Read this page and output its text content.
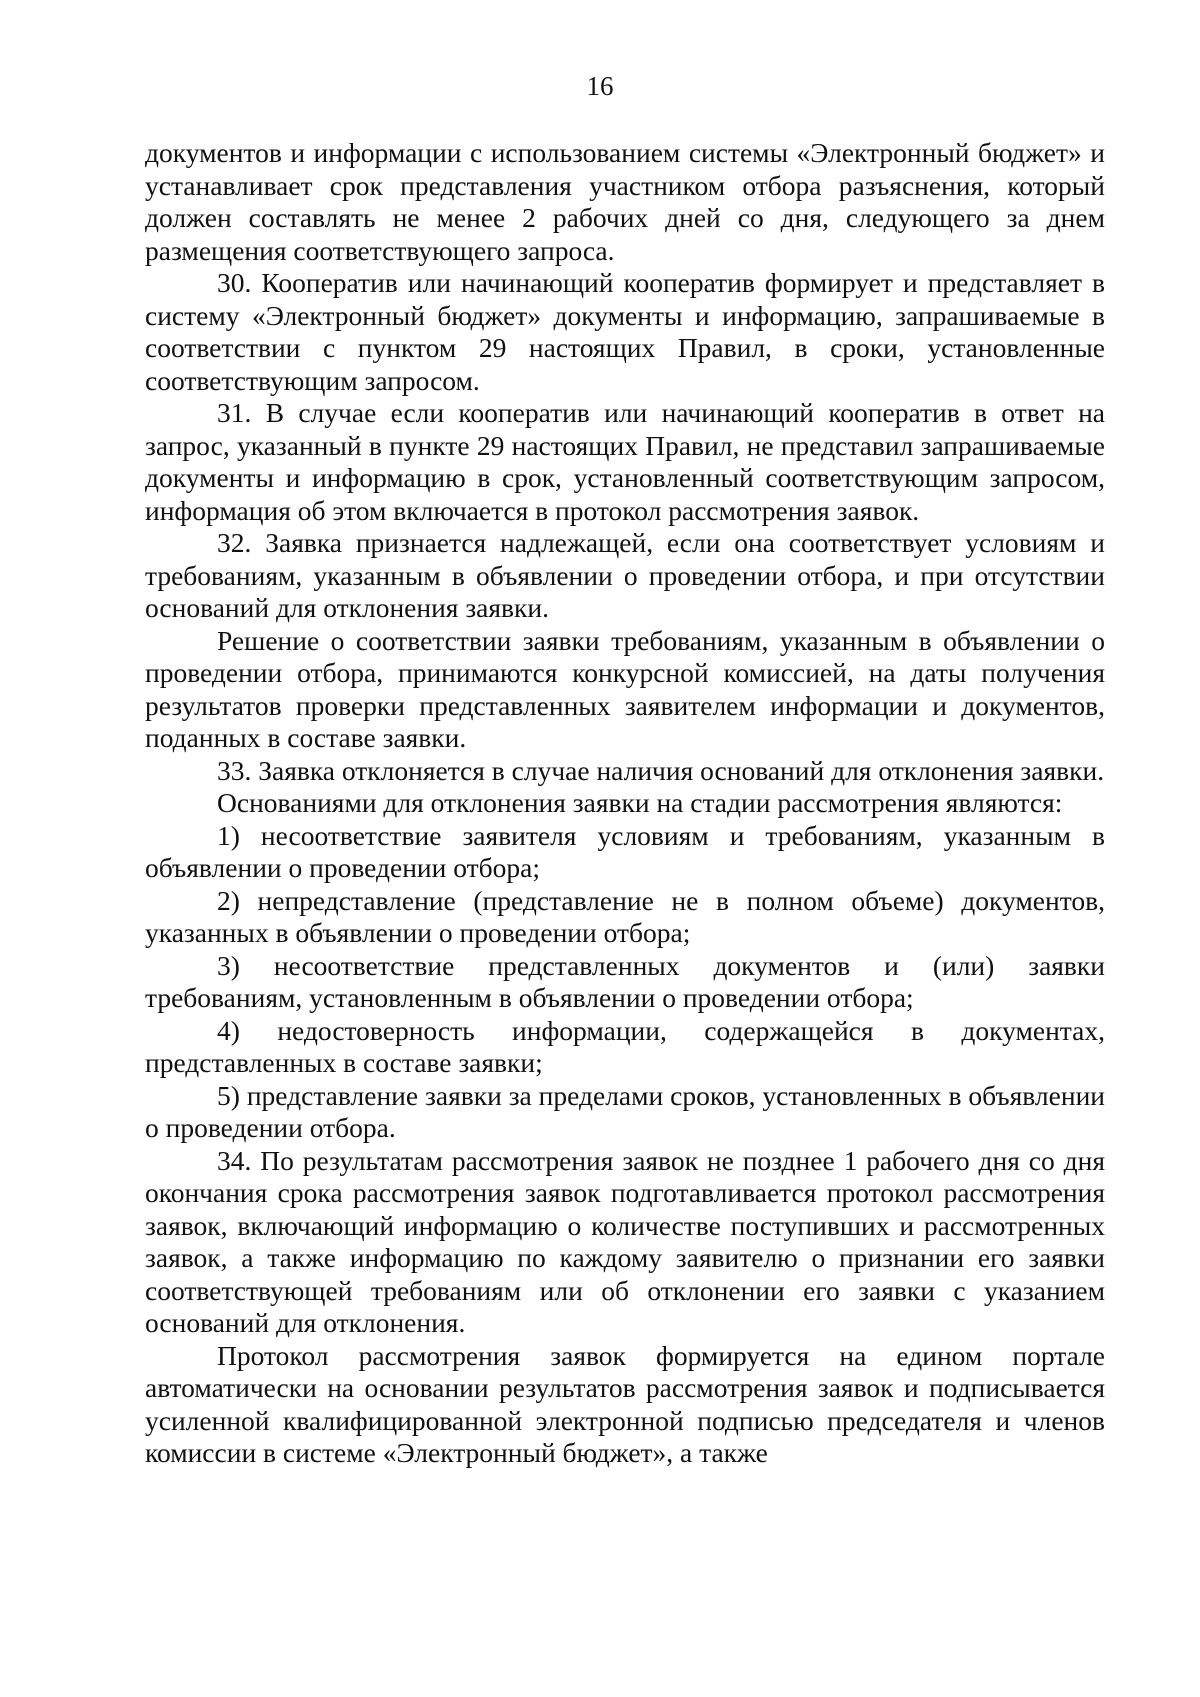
16

документов и информации с использованием системы «Электронный бюджет» и устанавливает срок представления участником отбора разъяснения, который должен составлять не менее 2 рабочих дней со дня, следующего за днем размещения соответствующего запроса.

30. Кооператив или начинающий кооператив формирует и представляет в систему «Электронный бюджет» документы и информацию, запрашиваемые в соответствии с пунктом 29 настоящих Правил, в сроки, установленные соответствующим запросом.

31. В случае если кооператив или начинающий кооператив в ответ на запрос, указанный в пункте 29 настоящих Правил, не представил запрашиваемые документы и информацию в срок, установленный соответствующим запросом, информация об этом включается в протокол рассмотрения заявок.

32. Заявка признается надлежащей, если она соответствует условиям и требованиям, указанным в объявлении о проведении отбора, и при отсутствии оснований для отклонения заявки.

Решение о соответствии заявки требованиям, указанным в объявлении о проведении отбора, принимаются конкурсной комиссией, на даты получения результатов проверки представленных заявителем информации и документов, поданных в составе заявки.

33. Заявка отклоняется в случае наличия оснований для отклонения заявки.

Основаниями для отклонения заявки на стадии рассмотрения являются:

1) несоответствие заявителя условиям и требованиям, указанным в объявлении о проведении отбора;

2) непредставление (представление не в полном объеме) документов, указанных в объявлении о проведении отбора;

3) несоответствие представленных документов и (или) заявки требованиям, установленным в объявлении о проведении отбора;

4) недостоверность информации, содержащейся в документах, представленных в составе заявки;

5) представление заявки за пределами сроков, установленных в объявлении о проведении отбора.

34. По результатам рассмотрения заявок не позднее 1 рабочего дня со дня окончания срока рассмотрения заявок подготавливается протокол рассмотрения заявок, включающий информацию о количестве поступивших и рассмотренных заявок, а также информацию по каждому заявителю о признании его заявки соответствующей требованиям или об отклонении его заявки с указанием оснований для отклонения.

Протокол рассмотрения заявок формируется на едином портале автоматически на основании результатов рассмотрения заявок и подписывается усиленной квалифицированной электронной подписью председателя и членов комиссии в системе «Электронный бюджет», а также
